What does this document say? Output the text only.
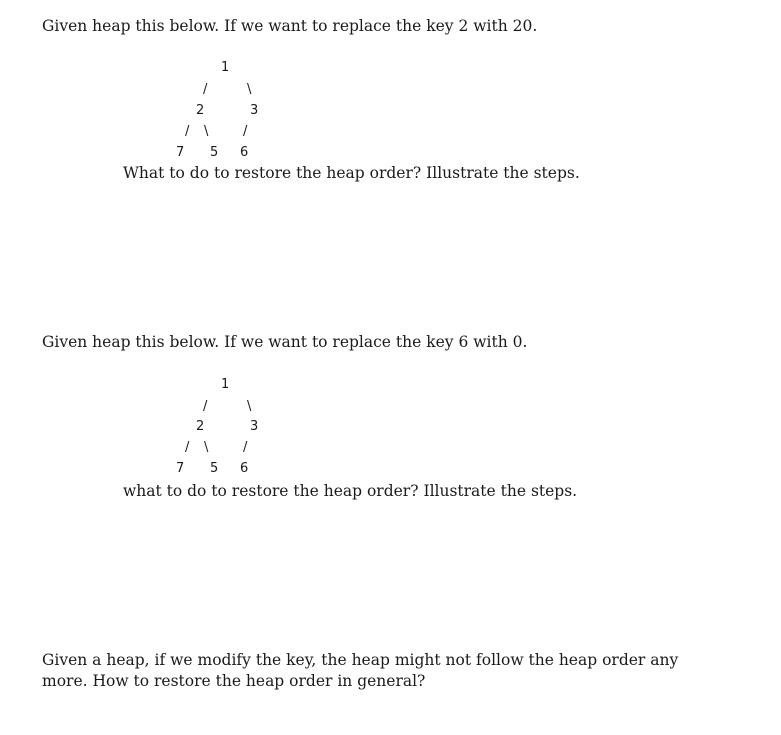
Given heap this below. If we want to replace the key 2 with 20.

1
/	\
2	3
/ \	/
7 5 6

What to do to restore the heap order? Illustrate the steps.

Given heap this below. If we want to replace the key 6 with 0.

1
/	\
2	3
/ \	/
7 5 6

what to do to restore the heap order? Illustrate the steps.

Given a heap, if we modify the key, the heap might not follow the heap order any

more. How to restore the heap order in general?
